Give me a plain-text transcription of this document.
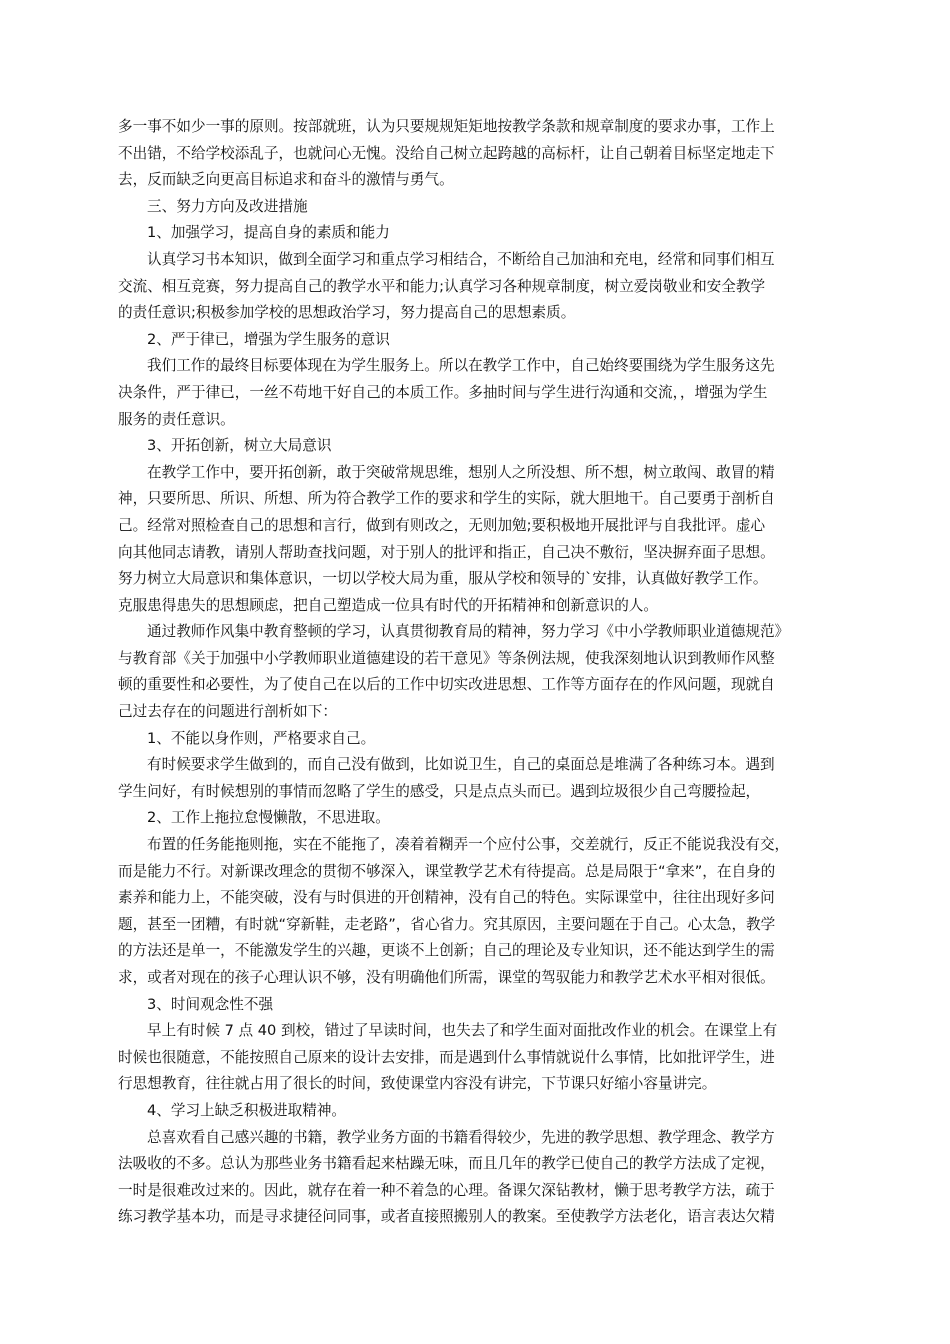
多一事不如少一事的原则。按部就班，认为只要规规矩矩地按教学条款和规章制度的要求办事，工作上
不出错，不给学校添乱子，也就问心无愧。没给自己树立起跨越的高标杆，让自己朝着目标坚定地走下
去，反而缺乏向更高目标追求和奋斗的激情与勇气。
三、努力方向及改进措施
1、加强学习，提高自身的素质和能力
认真学习书本知识，做到全面学习和重点学习相结合，不断给自己加油和充电，经常和同事们相互
交流、相互竞赛，努力提高自己的教学水平和能力;认真学习各种规章制度，树立爱岗敬业和安全教学
的责任意识;积极参加学校的思想政治学习，努力提高自己的思想素质。
2、严于律已，增强为学生服务的意识
我们工作的最终目标要体现在为学生服务上。所以在教学工作中，自己始终要围绕为学生服务这先
决条件，严于律已，一丝不苟地干好自己的本质工作。多抽时间与学生进行沟通和交流，，增强为学生
服务的责任意识。
3、开拓创新，树立大局意识
在教学工作中，要开拓创新，敢于突破常规思维，想别人之所没想、所不想，树立敢闯、敢冒的精
神，只要所思、所识、所想、所为符合教学工作的要求和学生的实际，就大胆地干。自己要勇于剖析自
己。经常对照检查自己的思想和言行，做到有则改之，无则加勉;要积极地开展批评与自我批评。虚心
向其他同志请教，请别人帮助查找问题，对于别人的批评和指正，自己决不敷衍，坚决摒弃面子思想。
努力树立大局意识和集体意识，一切以学校大局为重，服从学校和领导的`安排，认真做好教学工作。
克服患得患失的思想顾虑，把自己塑造成一位具有时代的开拓精神和创新意识的人。
通过教师作风集中教育整顿的学习，认真贯彻教育局的精神，努力学习《中小学教师职业道德规范》
与教育部《关于加强中小学教师职业道德建设的若干意见》等条例法规，使我深刻地认识到教师作风整
顿的重要性和必要性，为了使自己在以后的工作中切实改进思想、工作等方面存在的作风问题，现就自
己过去存在的问题进行剖析如下：
1、不能以身作则，严格要求自己。
有时候要求学生做到的，而自己没有做到，比如说卫生，自己的桌面总是堆满了各种练习本。遇到
学生问好，有时候想别的事情而忽略了学生的感受，只是点点头而已。遇到垃圾很少自己弯腰捡起，
2、工作上拖拉怠慢懒散，不思进取。
布置的任务能拖则拖，实在不能拖了，凑着着糊弄一个应付公事，交差就行，反正不能说我没有交，
而是能力不行。对新课改理念的贯彻不够深入，课堂教学艺术有待提高。总是局限于“拿来”，在自身的
素养和能力上，不能突破，没有与时俱进的开创精神，没有自己的特色。实际课堂中，往往出现好多问
题，甚至一团糟，有时就“穿新鞋，走老路”，省心省力。究其原因，主要问题在于自己。心太急，教学
的方法还是单一，不能激发学生的兴趣，更谈不上创新；自己的理论及专业知识，还不能达到学生的需
求，或者对现在的孩子心理认识不够，没有明确他们所需，课堂的驾驭能力和教学艺术水平相对很低。
3、时间观念性不强
早上有时候 7 点 40 到校，错过了早读时间，也失去了和学生面对面批改作业的机会。在课堂上有
时候也很随意，不能按照自己原来的设计去安排，而是遇到什么事情就说什么事情，比如批评学生，进
行思想教育，往往就占用了很长的时间，致使课堂内容没有讲完，下节课只好缩小容量讲完。
4、学习上缺乏积极进取精神。
总喜欢看自己感兴趣的书籍，教学业务方面的书籍看得较少，先进的教学思想、教学理念、教学方
法吸收的不多。总认为那些业务书籍看起来枯躁无味，而且几年的教学已使自己的教学方法成了定视，
一时是很难改过来的。因此，就存在着一种不着急的心理。备课欠深钻教材，懒于思考教学方法，疏于
练习教学基本功，而是寻求捷径问同事，或者直接照搬别人的教案。至使教学方法老化，语言表达欠精
